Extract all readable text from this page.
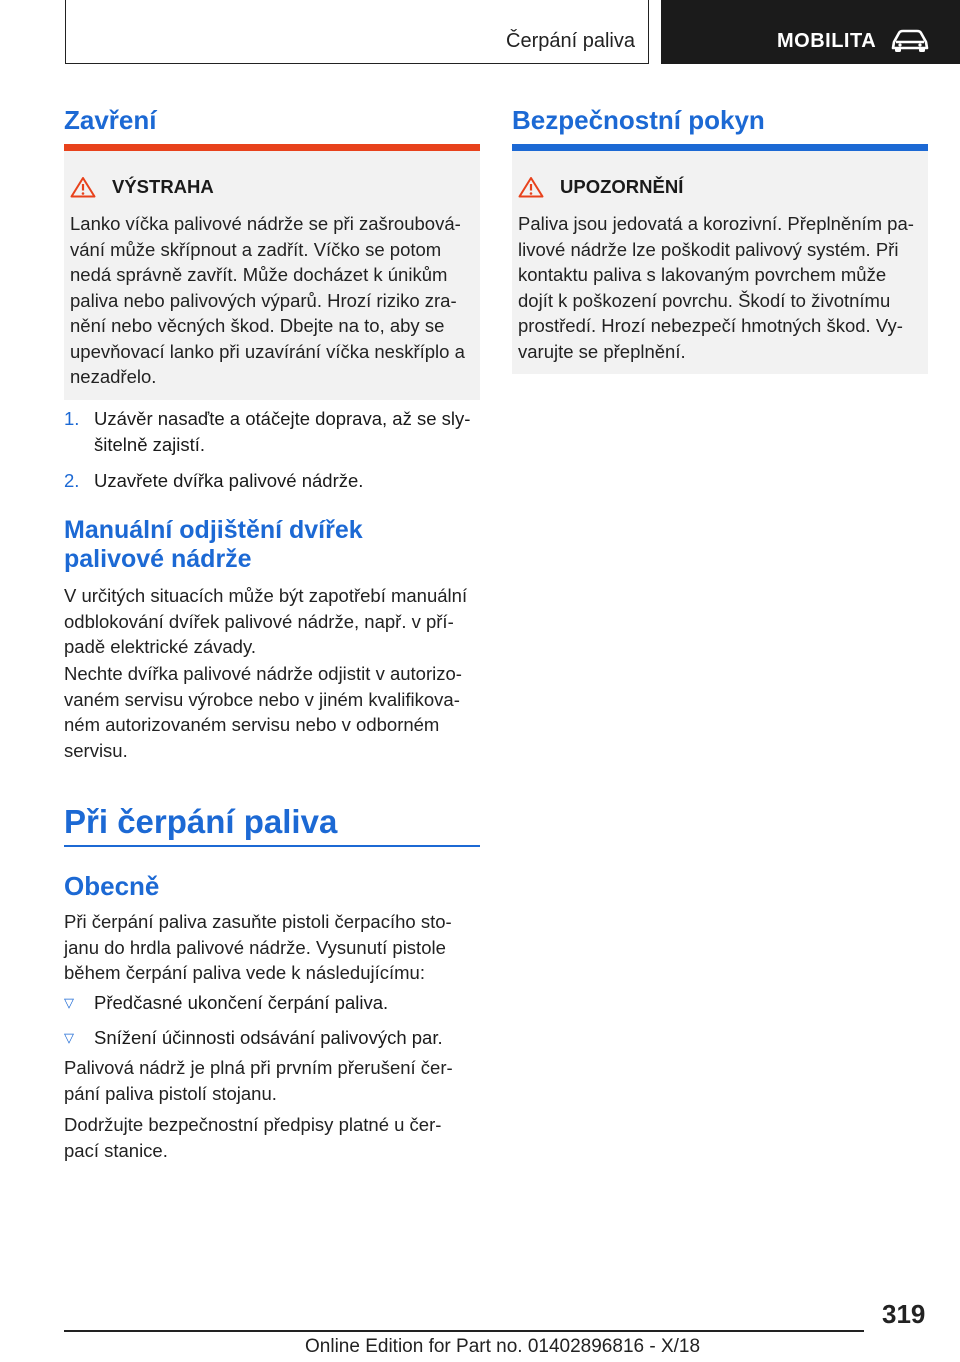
Čerpání paliva	MOBILITA
Zavření
VÝSTRAHA
Lanko víčka palivové nádrže se při zašroubová-
vání může skřípnout a zadřít. Víčko se potom
nedá správně zavřít. Může docházet k únikům
paliva nebo palivových výparů. Hrozí riziko zra-
nění nebo věcných škod. Dbejte na to, aby se
upevňovací lanko při uzavírání víčka neskříplo a
nezadřelo.
1. Uzávěr nasaďte a otáčejte doprava, až se sly-
šitelně zajistí.
2. Uzavřete dvířka palivové nádrže.
Manuální odjištění dvířek
palivové nádrže
V určitých situacích může být zapotřebí manuální
odblokování dvířek palivové nádrže, např. v pří-
padě elektrické závady.
Nechte dvířka palivové nádrže odjistit v autorizo-
vaném servisu výrobce nebo v jiném kvalifikova-
ném autorizovaném servisu nebo v odborném
servisu.
Při čerpání paliva
Obecně
Při čerpání paliva zasuňte pistoli čerpacího sto-
janu do hrdla palivové nádrže. Vysunutí pistole
během čerpání paliva vede k následujícímu:
▽	Předčasné ukončení čerpání paliva.
▽	Snížení účinnosti odsávání palivových par.
Palivová nádrž je plná při prvním přerušení čer-
pání paliva pistolí stojanu.
Dodržujte bezpečnostní předpisy platné u čer-
pací stanice.
Bezpečnostní pokyn
UPOZORNĚNÍ
Paliva jsou jedovatá a korozivní. Přeplněním pa-
livové nádrže lze poškodit palivový systém. Při
kontaktu paliva s lakovaným povrchem může
dojít k poškození povrchu. Škodí to životnímu
prostředí. Hrozí nebezpečí hmotných škod. Vy-
varujte se přeplnění.
319
Online Edition for Part no. 01402896816 - X/18
